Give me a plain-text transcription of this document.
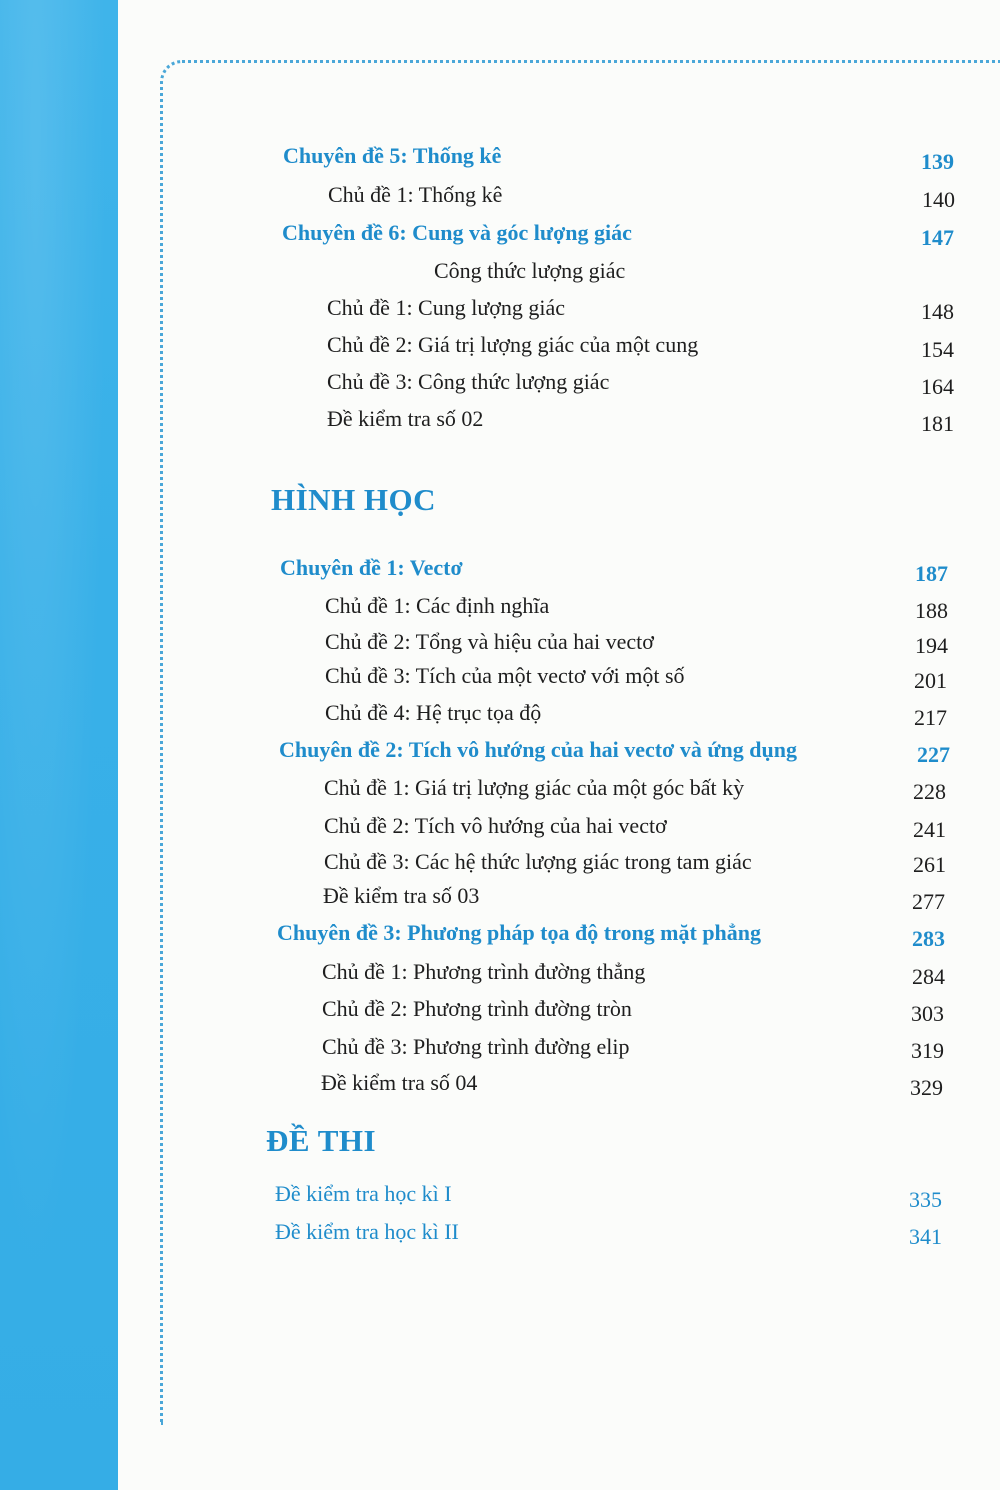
Chuyên đề 5: Thống kê	139
Chủ đề 1: Thống kê	140
Chuyên đề 6: Cung và góc lượng giác	147
Công thức lượng giác
Chủ đề 1: Cung lượng giác	148
Chủ đề 2: Giá trị lượng giác của một cung	154
Chủ đề 3: Công thức lượng giác	164
Đề kiểm tra số 02	181
HÌNH HỌC
Chuyên đề 1: Vectơ	187
Chủ đề 1: Các định nghĩa	188
Chủ đề 2: Tổng và hiệu của hai vectơ	194
Chủ đề 3: Tích của một vectơ với một số	201
Chủ đề 4: Hệ trục tọa độ	217
Chuyên đề 2: Tích vô hướng của hai vectơ và ứng dụng	227
Chủ đề 1: Giá trị lượng giác của một góc bất kỳ	228
Chủ đề 2: Tích vô hướng của hai vectơ	241
Chủ đề 3: Các hệ thức lượng giác trong tam giác	261
Đề kiểm tra số 03	277
Chuyên đề 3: Phương pháp tọa độ trong mặt phẳng	283
Chủ đề 1: Phương trình đường thẳng	284
Chủ đề 2: Phương trình đường tròn	303
Chủ đề 3: Phương trình đường elip	319
Đề kiểm tra số 04	329
ĐỀ THI
Đề kiểm tra học kì I	335
Đề kiểm tra học kì II	341
